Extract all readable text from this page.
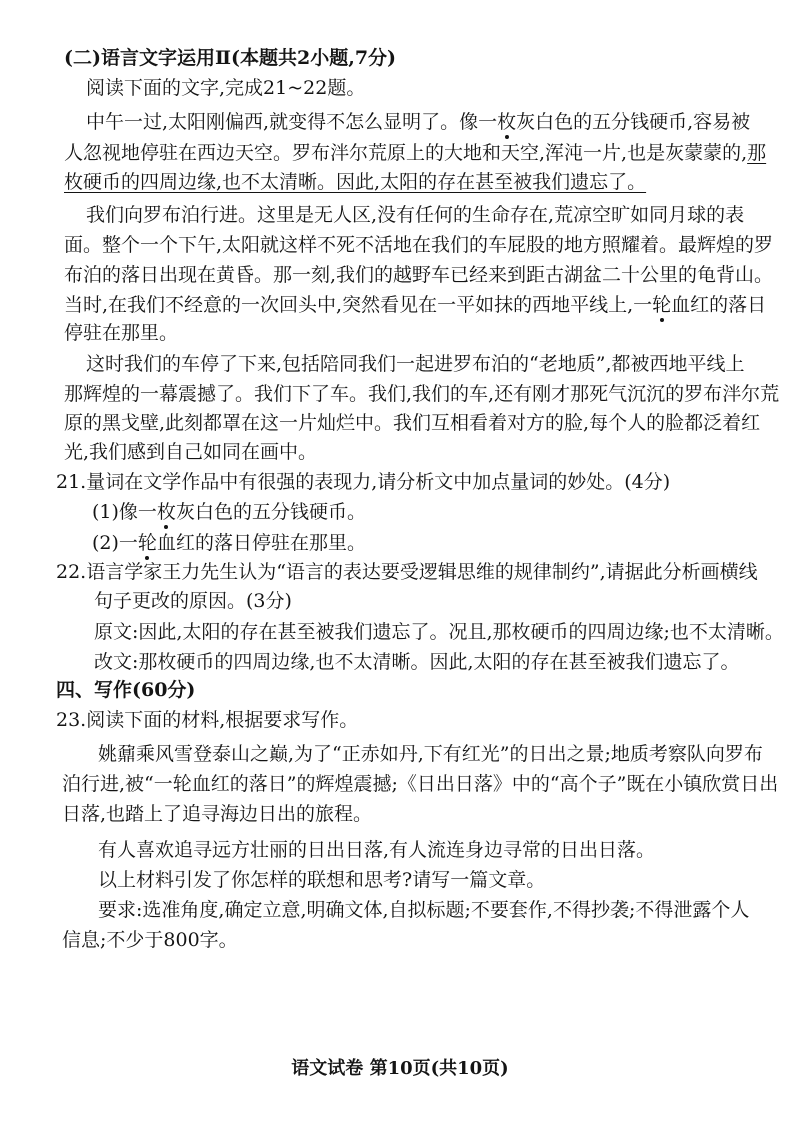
(二)语言文字运用Ⅱ(本题共2小题,7分)
阅读下面的文字,完成21~22题。
中午一过,太阳刚偏西,就变得不怎么显明了。像一枚灰白色的五分钱硬币,容易被
人忽视地停驻在西边天空。罗布泮尔荒原上的大地和天空,浑沌一片,也是灰蒙蒙的,那
枚硬币的四周边缘,也不太清晰。因此,太阳的存在甚至被我们遗忘了。
我们向罗布泊行进。这里是无人区,没有任何的生命存在,荒凉空旷如同月球的表
面。整个一个下午,太阳就这样不死不活地在我们的车屁股的地方照耀着。最辉煌的罗
布泊的落日出现在黄昏。那一刻,我们的越野车已经来到距古湖盆二十公里的龟背山。
当时,在我们不经意的一次回头中,突然看见在一平如抹的西地平线上,一轮血红的落日
停驻在那里。
这时我们的车停了下来,包括陪同我们一起进罗布泊的“老地质”,都被西地平线上
那辉煌的一幕震撼了。我们下了车。我们,我们的车,还有刚才那死气沉沉的罗布泮尔荒
原的黑戈壁,此刻都罩在这一片灿烂中。我们互相看着对方的脸,每个人的脸都泛着红
光,我们感到自己如同在画中。
21.量词在文学作品中有很强的表现力,请分析文中加点量词的妙处。(4分)
(1)像一枚灰白色的五分钱硬币。
(2)一轮血红的落日停驻在那里。
22.语言学家王力先生认为“语言的表达要受逻辑思维的规律制约”,请据此分析画横线
句子更改的原因。(3分)
原文:因此,太阳的存在甚至被我们遗忘了。况且,那枚硬币的四周边缘;也不太清晰。
改文:那枚硬币的四周边缘,也不太清晰。因此,太阳的存在甚至被我们遗忘了。
四、写作(60分)
23.阅读下面的材料,根据要求写作。
姚鼐乘风雪登泰山之巅,为了“正赤如丹,下有红光”的日出之景;地质考察队向罗布
泊行进,被“一轮血红的落日”的辉煌震撼;《日出日落》中的“高个子”既在小镇欣赏日出
日落,也踏上了追寻海边日出的旅程。
有人喜欢追寻远方壮丽的日出日落,有人流连身边寻常的日出日落。
以上材料引发了你怎样的联想和思考?请写一篇文章。
要求:选准角度,确定立意,明确文体,自拟标题;不要套作,不得抄袭;不得泄露个人
信息;不少于800字。
语文试卷 第10页(共10页)
